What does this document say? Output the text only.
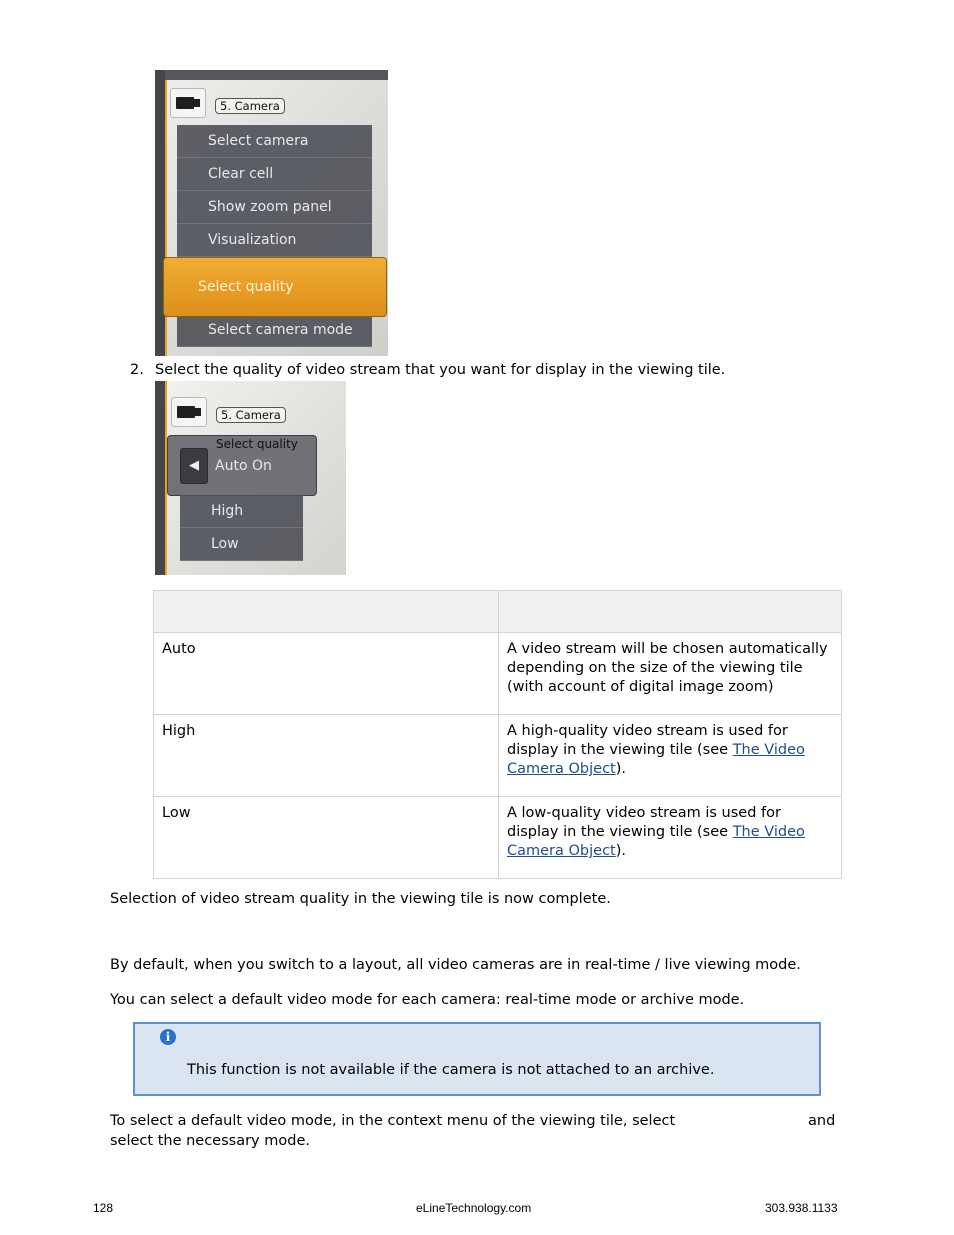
5. Camera
Select camera
Clear cell
Show zoom panel
Visualization
Select quality
Select camera mode
2. Select the quality of video stream that you want for display in the viewing tile.
5. Camera
◀
Select quality
Auto On
High
Low

Auto	A video stream will be chosen automatically depending on the size of the viewing tile (with account of digital image zoom)
High	A high-quality video stream is used for display in the viewing tile (see The Video Camera Object).
Low	A low-quality video stream is used for display in the viewing tile (see The Video Camera Object).
Selection of video stream quality in the viewing tile is now complete.
By default, when you switch to a layout, all video cameras are in real-time / live viewing mode.
You can select a default video mode for each camera: real-time mode or archive mode.
i
This function is not available if the camera is not attached to an archive.
To select a default video mode, in the context menu of the viewing tile, select	and
select the necessary mode.
128	eLineTechnology.com	303.938.1133
